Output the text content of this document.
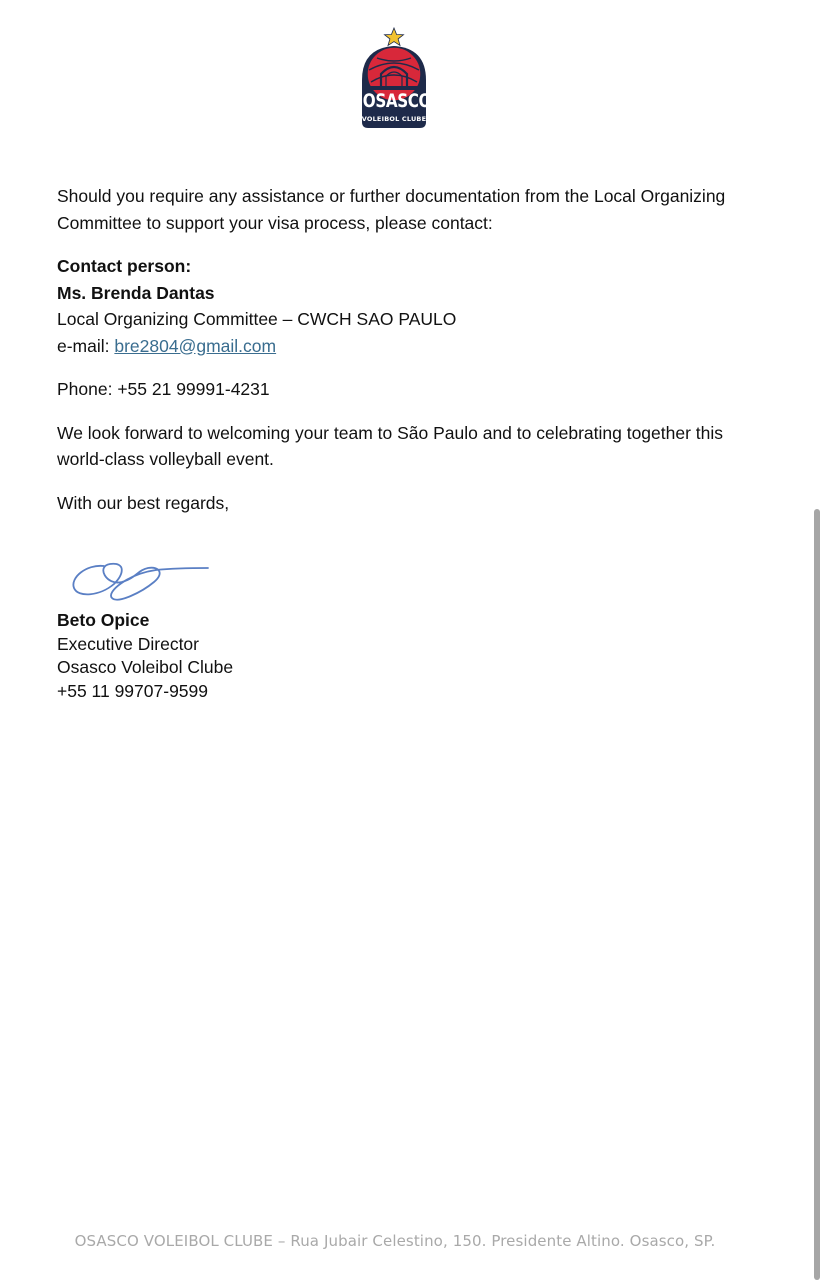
OSASCO
VOLEIBOL CLUBE

Should you require any assistance or further documentation from the Local Organizing Committee to support your visa process, please contact:

Contact person:
Ms. Brenda Dantas
Local Organizing Committee – CWCH SAO PAULO
e-mail: bre2804@gmail.com

Phone: +55 21 99991-4231

We look forward to welcoming your team to São Paulo and to celebrating together this world-class volleyball event.

With our best regards,

Beto Opice
Executive Director
Osasco Voleibol Clube
+55 11 99707-9599
OSASCO VOLEIBOL CLUBE – Rua Jubair Celestino, 150. Presidente Altino. Osasco, SP.
